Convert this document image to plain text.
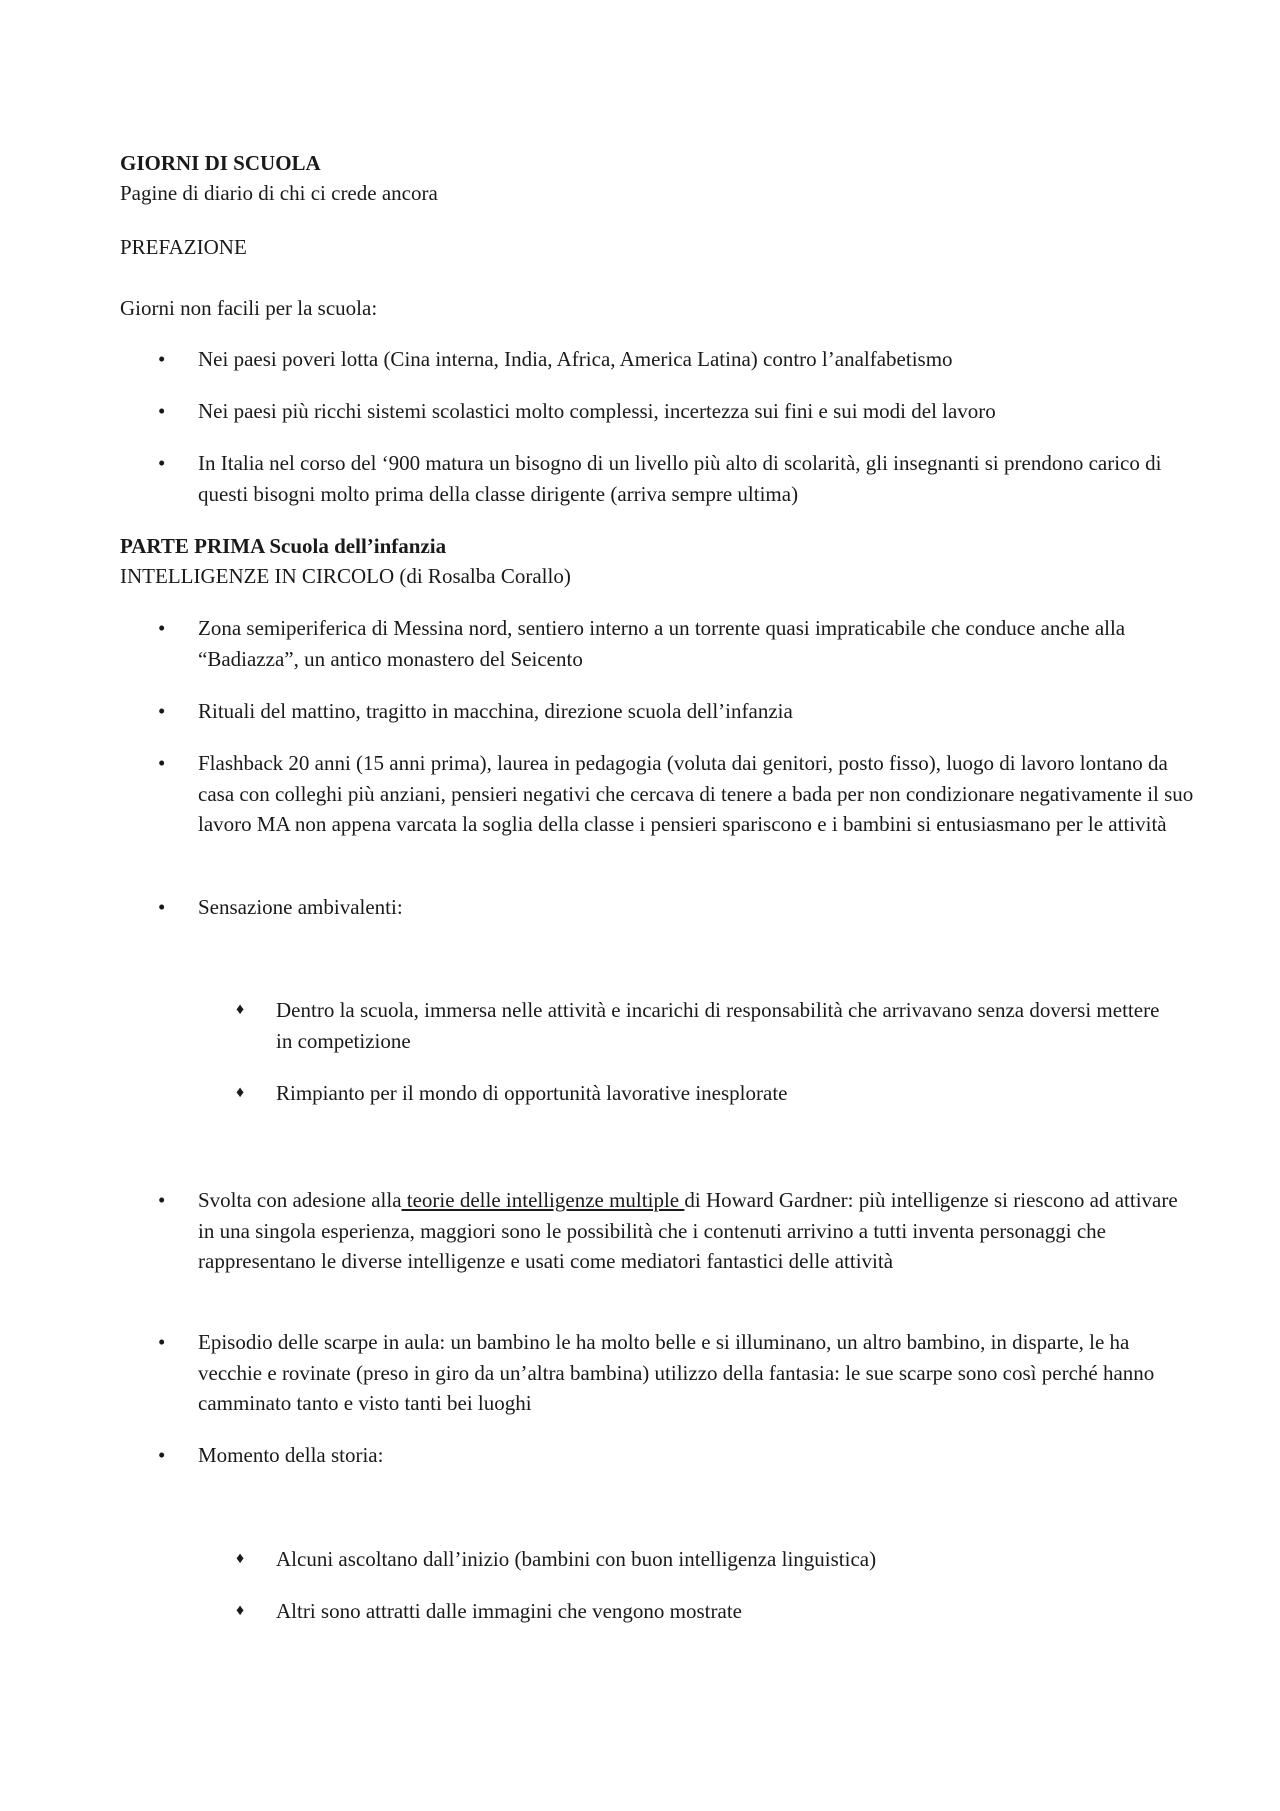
GIORNI DI SCUOLA
Pagine di diario di chi ci crede ancora
PREFAZIONE
Giorni non facili per la scuola:
• Nei paesi poveri lotta (Cina interna, India, Africa, America Latina) contro l’analfabetismo
• Nei paesi più ricchi sistemi scolastici molto complessi, incertezza sui fini e sui modi del lavoro
• In Italia nel corso del ‘900 matura un bisogno di un livello più alto di scolarità, gli insegnanti si prendono carico di questi bisogni molto prima della classe dirigente (arriva sempre ultima)
PARTE PRIMA Scuola dell’infanzia
INTELLIGENZE IN CIRCOLO (di Rosalba Corallo)
• Zona semiperiferica di Messina nord, sentiero interno a un torrente quasi impraticabile che conduce anche alla “Badiazza”, un antico monastero del Seicento
• Rituali del mattino, tragitto in macchina, direzione scuola dell’infanzia
• Flashback 20 anni (15 anni prima), laurea in pedagogia (voluta dai genitori, posto fisso), luogo di lavoro lontano da casa con colleghi più anziani, pensieri negativi che cercava di tenere a bada per non condizionare negativamente il suo lavoro MA non appena varcata la soglia della classe i pensieri spariscono e i bambini si entusiasmano per le attività
• Sensazione ambivalenti:
♦ Dentro la scuola, immersa nelle attività e incarichi di responsabilità che arrivavano senza doversi mettere in competizione
♦ Rimpianto per il mondo di opportunità lavorative inesplorate
• Svolta con adesione alla teorie delle intelligenze multiple di Howard Gardner: più intelligenze si riescono ad attivare in una singola esperienza, maggiori sono le possibilità che i contenuti arrivino a tutti inventa personaggi che rappresentano le diverse intelligenze e usati come mediatori fantastici delle attività
• Episodio delle scarpe in aula: un bambino le ha molto belle e si illuminano, un altro bambino, in disparte, le ha vecchie e rovinate (preso in giro da un’altra bambina) utilizzo della fantasia: le sue scarpe sono così perché hanno camminato tanto e visto tanti bei luoghi
• Momento della storia:
♦ Alcuni ascoltano dall’inizio (bambini con buon intelligenza linguistica)
♦ Altri sono attratti dalle immagini che vengono mostrate
